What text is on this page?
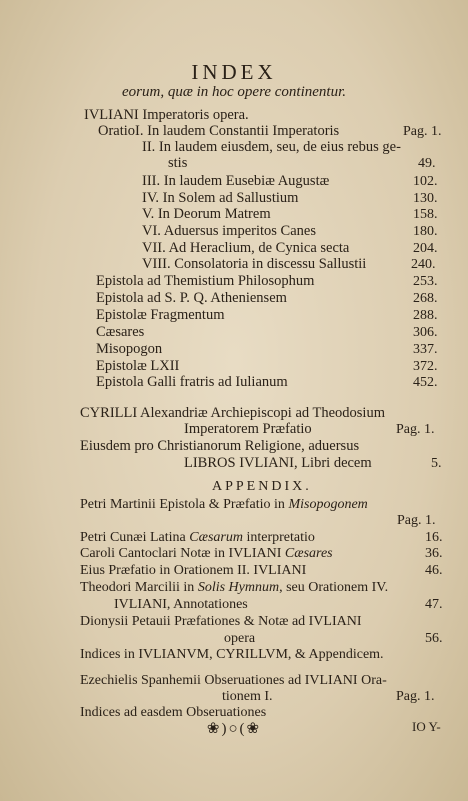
INDEX
eorum, quæ in hoc opere continentur.
IVLIANI Imperatoris opera.
OratioI. In laudem Constantii Imperatoris	Pag. 1.
II. In laudem eiusdem, seu, de eius rebus ge-
stis	49.
III. In laudem Eusebiæ Augustæ	102.
IV. In Solem ad Sallustium	130.
V. In Deorum Matrem	158.
VI. Aduersus imperitos Canes	180.
VII. Ad Heraclium, de Cynica secta	204.
VIII. Consolatoria in discessu Sallustii	240.
Epistola ad Themistium Philosophum	253.
Epistola ad S. P. Q. Atheniensem	268.
Epistolæ Fragmentum	288.
Cæsares	306.
Misopogon	337.
Epistolæ LXII	372.
Epistola Galli fratris ad Iulianum	452.
CYRILLI Alexandriæ Archiepiscopi ad Theodosium
Imperatorem Præfatio	Pag. 1.
Eiusdem pro Christianorum Religione, aduersus
LIBROS IVLIANI, Libri decem	5.
APPENDIX.
Petri Martinii Epistola & Præfatio in Misopogonem
Pag. 1.
Petri Cunæi Latina Cæsarum interpretatio	16.
Caroli Cantoclari Notæ in IVLIANI Cæsares	36.
Eius Præfatio in Orationem II. IVLIANI	46.
Theodori Marcilii in Solis Hymnum, seu Orationem IV.
IVLIANI, Annotationes	47.
Dionysii Petauii Præfationes & Notæ ad IVLIANI
opera	56.
Indices in IVLIANVM, CYRILLVM, & Appendicem.
Ezechielis Spanhemii Obseruationes ad IVLIANI Ora-
tionem I.	Pag. 1.
Indices ad easdem Obseruationes
❀)○(❀	IO Y-
